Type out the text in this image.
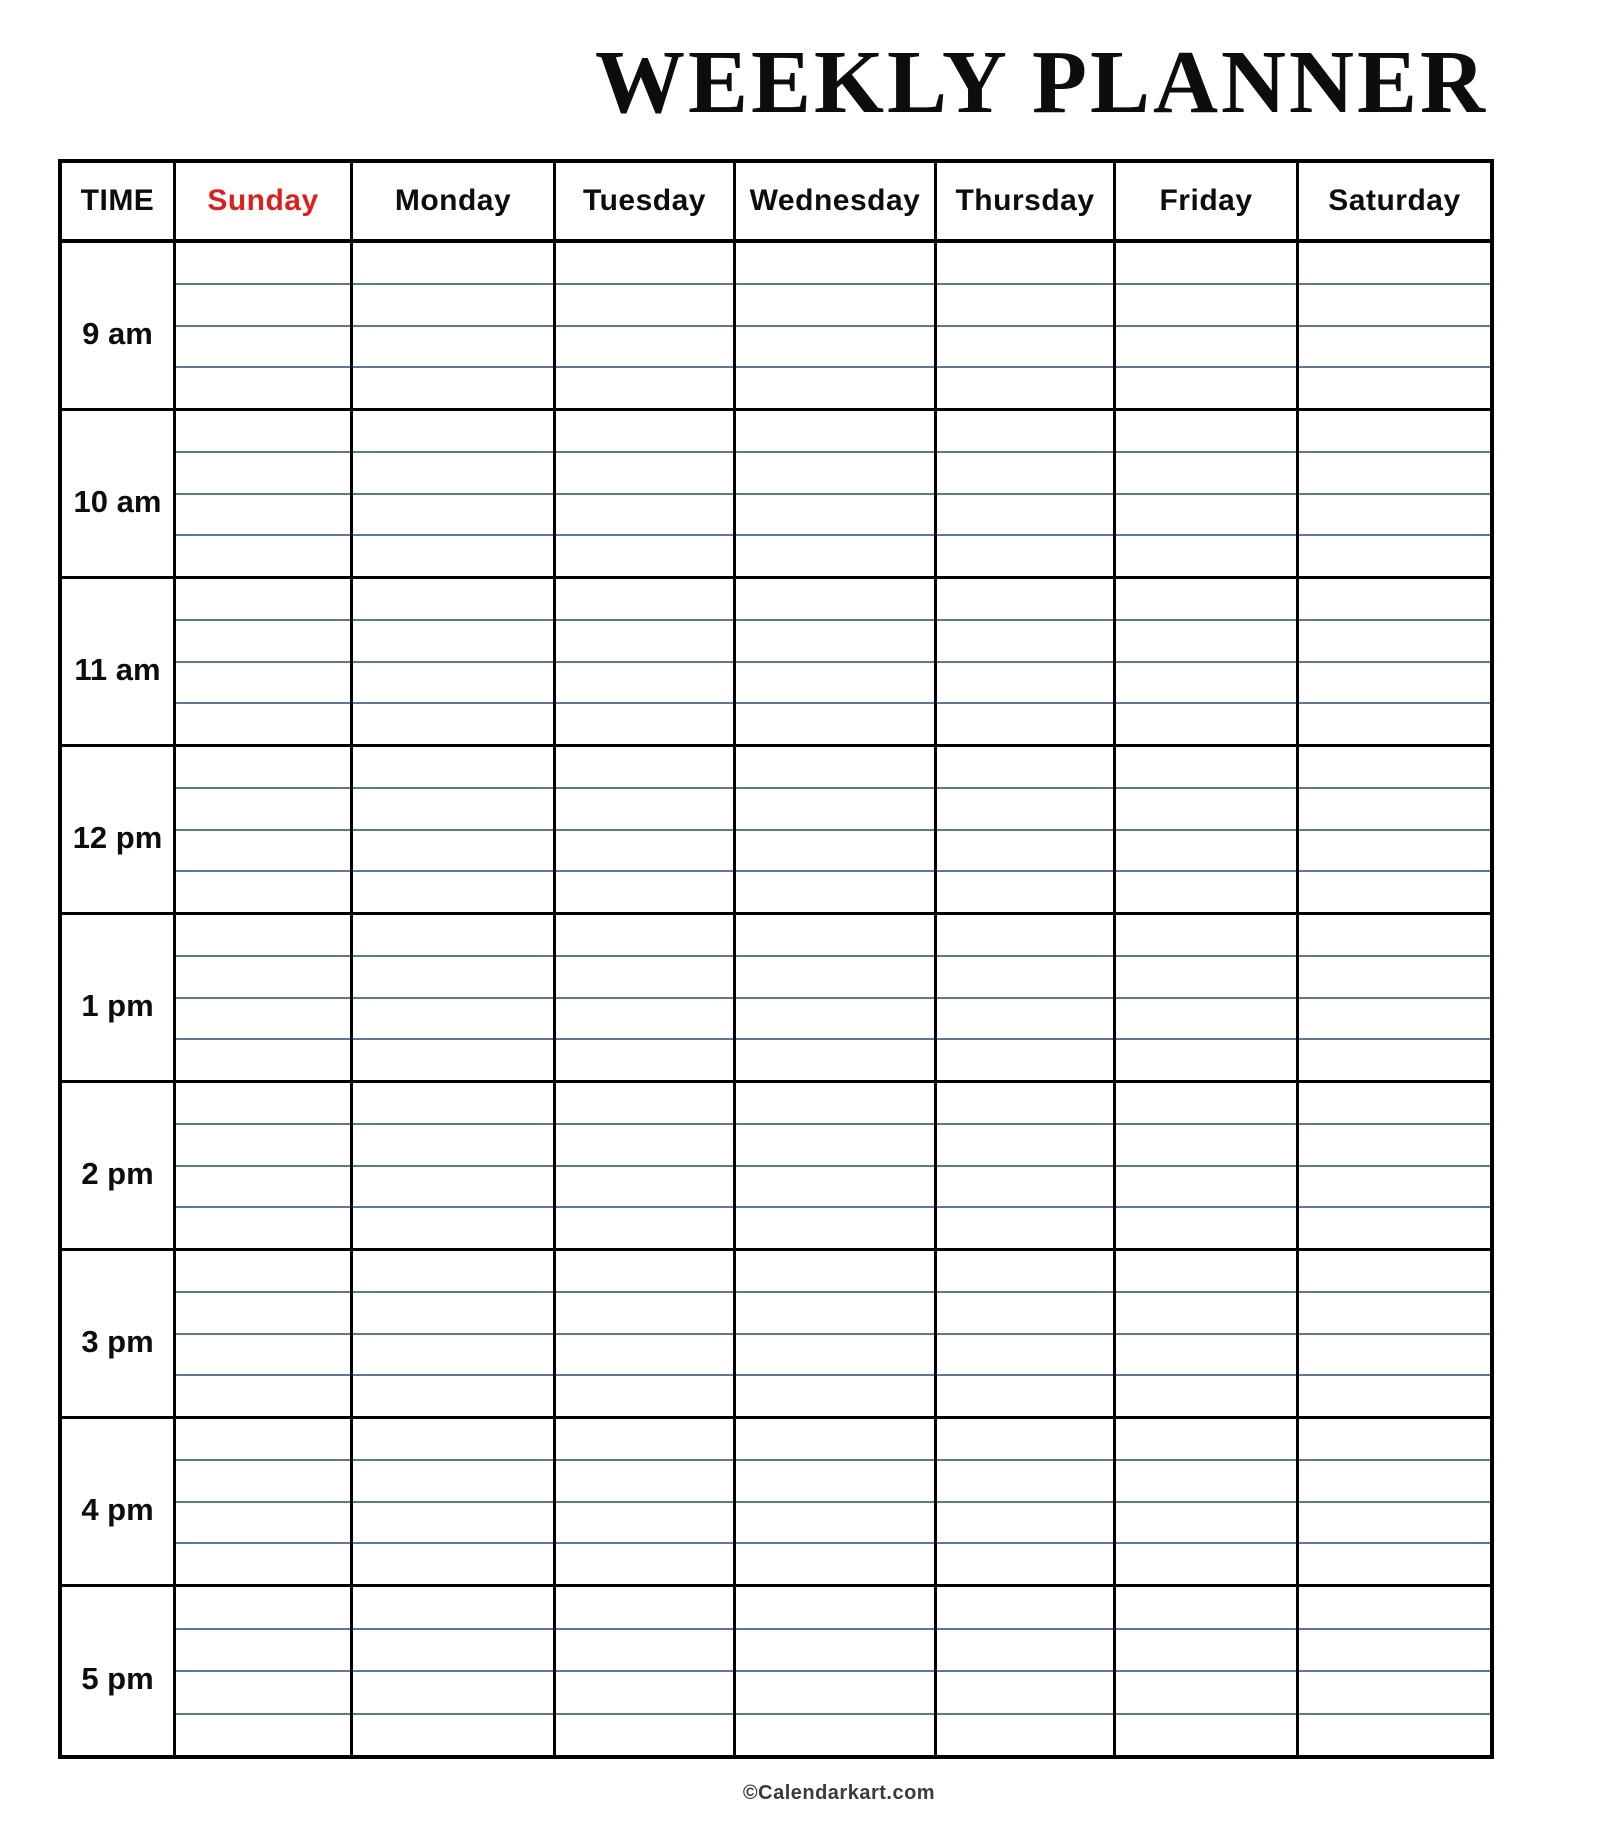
WEEKLY PLANNER
TIME	Sunday	Monday	Tuesday	Wednesday	Thursday	Friday	Saturday
9 am
10 am
11 am
12 pm
1 pm
2 pm
3 pm
4 pm
5 pm
©Calendarkart.com
